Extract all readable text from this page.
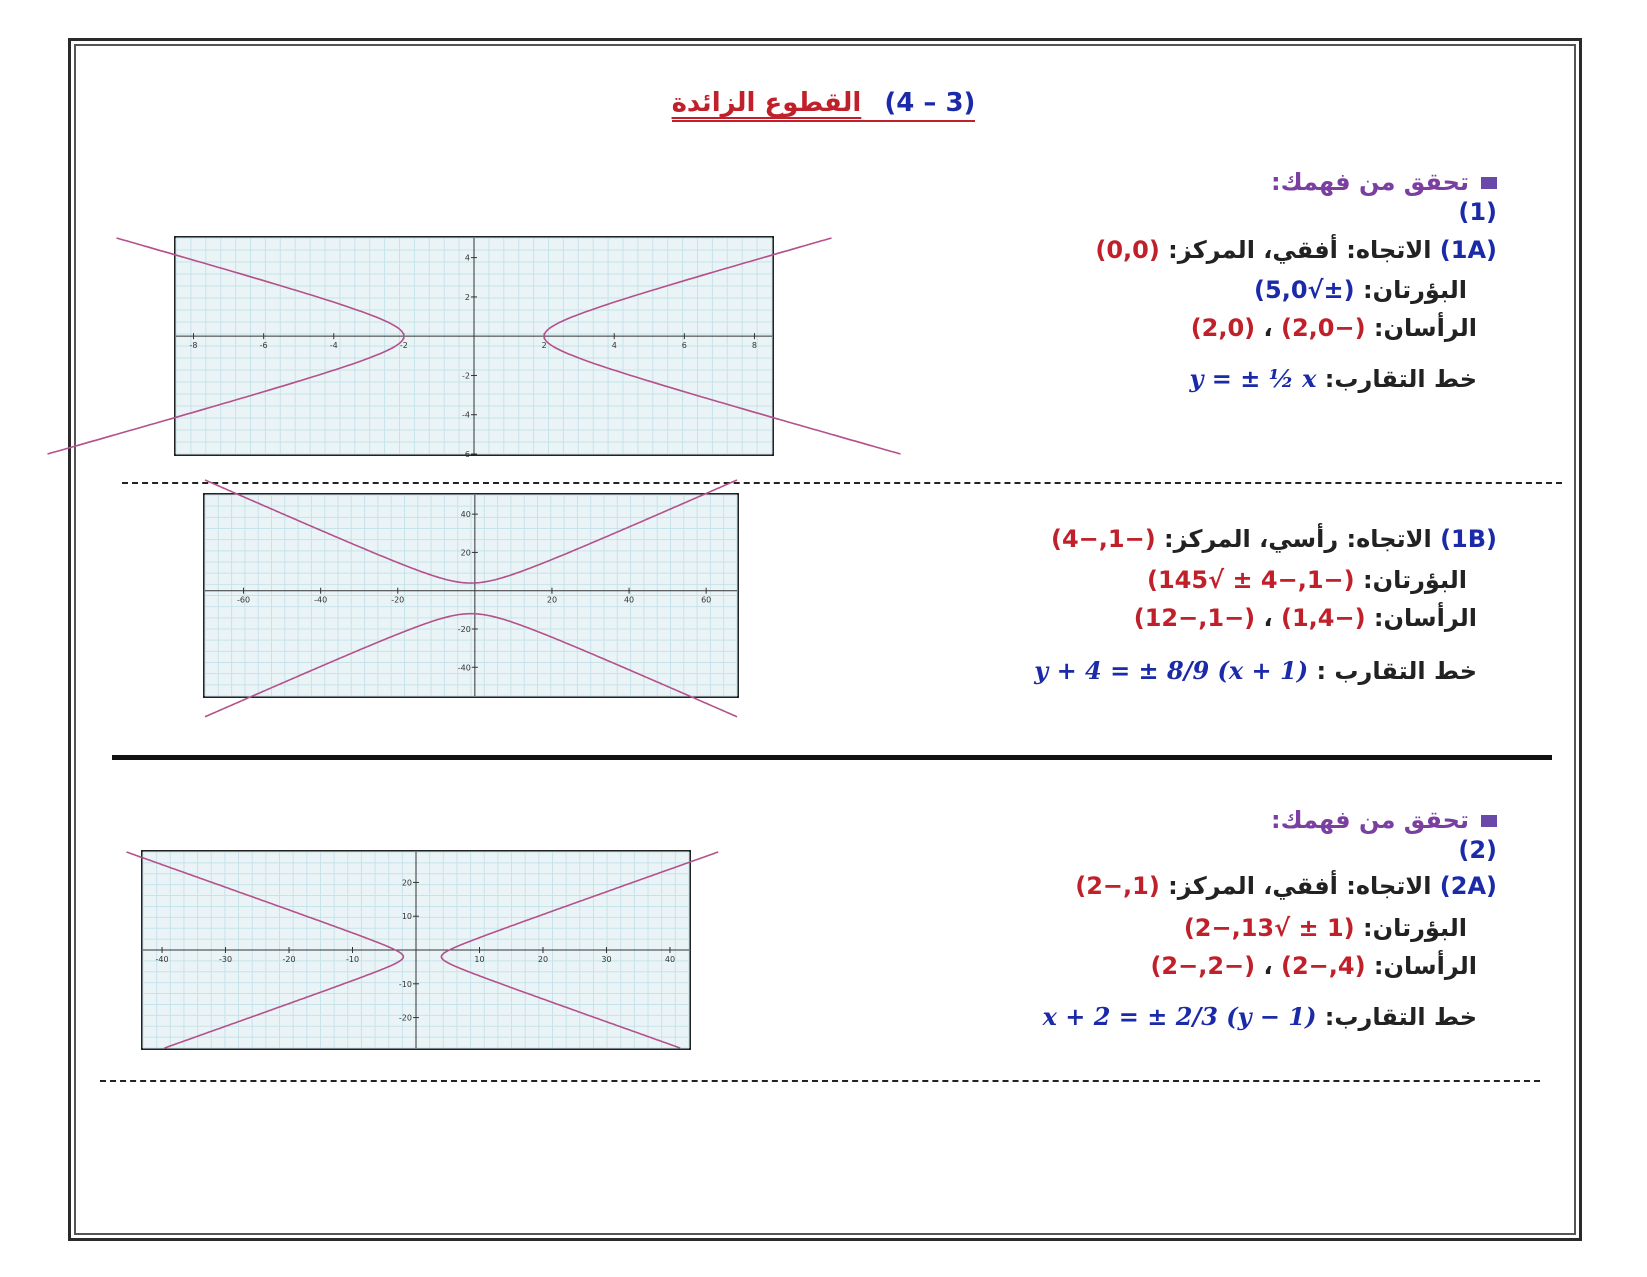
(3 – 4) القطوع الزائدة
تحقق من فهمك:
(1)
(1A) الاتجاه: أفقي، المركز: (0,0)
البؤرتان: (±√5,0)
الرأسان: (−2,0) ، (2,0)
خط التقارب: y = ± ½ x
-8	-6	-4	-2	2	4	6	8
4
2
-2
-4
-6
(1B) الاتجاه: رأسي، المركز: (−1,−4)
البؤرتان: (−1,−4 ± √145)
الرأسان: (−1,4) ، (−1,−12)
خط التقارب : y + 4 = ± 8/9 (x + 1)
-60	-40	-20	20	40	60
40
20
-20
-40
تحقق من فهمك:
(2)
(2A) الاتجاه: أفقي، المركز: (1,−2)
البؤرتان: (1 ± √13,−2)
الرأسان: (4,−2) ، (−2,−2)
خط التقارب: x + 2 = ± 2/3 (y − 1)
-40	-30	-20	-10	10	20	30	40
20
10
-10
-20
